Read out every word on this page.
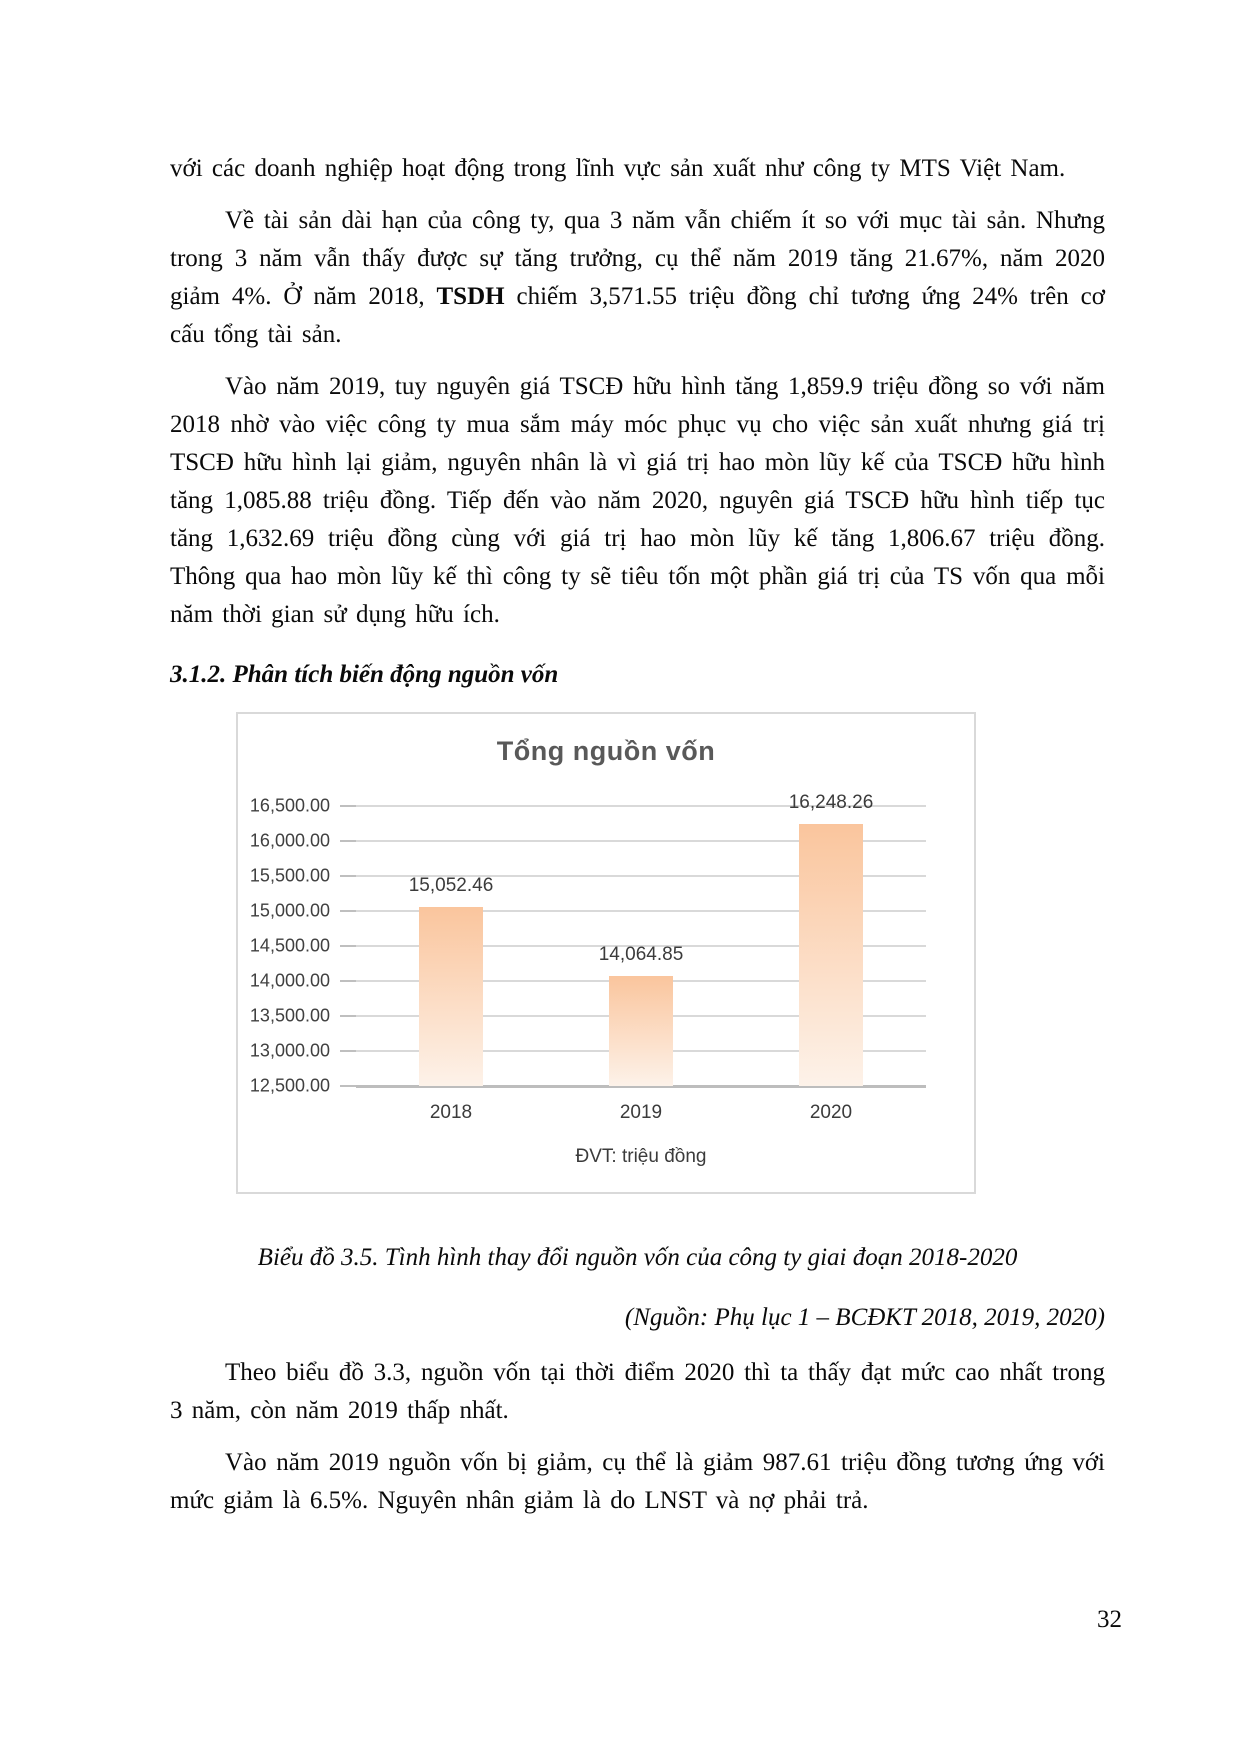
với các doanh nghiệp hoạt động trong lĩnh vực sản xuất như công ty MTS Việt Nam.

Về tài sản dài hạn của công ty, qua 3 năm vẫn chiếm ít so với mục tài sản. Nhưng trong 3 năm vẫn thấy được sự tăng trưởng, cụ thể năm 2019 tăng 21.67%, năm 2020 giảm 4%. Ở năm 2018, TSDH chiếm 3,571.55 triệu đồng chỉ tương ứng 24% trên cơ cấu tổng tài sản.

Vào năm 2019, tuy nguyên giá TSCĐ hữu hình tăng 1,859.9 triệu đồng so với năm 2018 nhờ vào việc công ty mua sắm máy móc phục vụ cho việc sản xuất nhưng giá trị TSCĐ hữu hình lại giảm, nguyên nhân là vì giá trị hao mòn lũy kế của TSCĐ hữu hình tăng 1,085.88 triệu đồng. Tiếp đến vào năm 2020, nguyên giá TSCĐ hữu hình tiếp tục tăng 1,632.69 triệu đồng cùng với giá trị hao mòn lũy kế tăng 1,806.67 triệu đồng. Thông qua hao mòn lũy kế thì công ty sẽ tiêu tốn một phần giá trị của TS vốn qua mỗi năm thời gian sử dụng hữu ích.

3.1.2. Phân tích biến động nguồn vốn
Tổng nguồn vốn
16,500.00
16,000.00
15,500.00
15,000.00
14,500.00
14,000.00
13,500.00
13,000.00
12,500.00
15,052.46
2018
14,064.85
2019
16,248.26
2020
ĐVT: triệu đồng

Biểu đồ 3.5. Tình hình thay đổi nguồn vốn của công ty giai đoạn 2018-2020

(Nguồn: Phụ lục 1 – BCĐKT 2018, 2019, 2020)

Theo biểu đồ 3.3, nguồn vốn tại thời điểm 2020 thì ta thấy đạt mức cao nhất trong 3 năm, còn năm 2019 thấp nhất.

Vào năm 2019 nguồn vốn bị giảm, cụ thể là giảm 987.61 triệu đồng tương ứng với mức giảm là 6.5%. Nguyên nhân giảm là do LNST và nợ phải trả.

32
